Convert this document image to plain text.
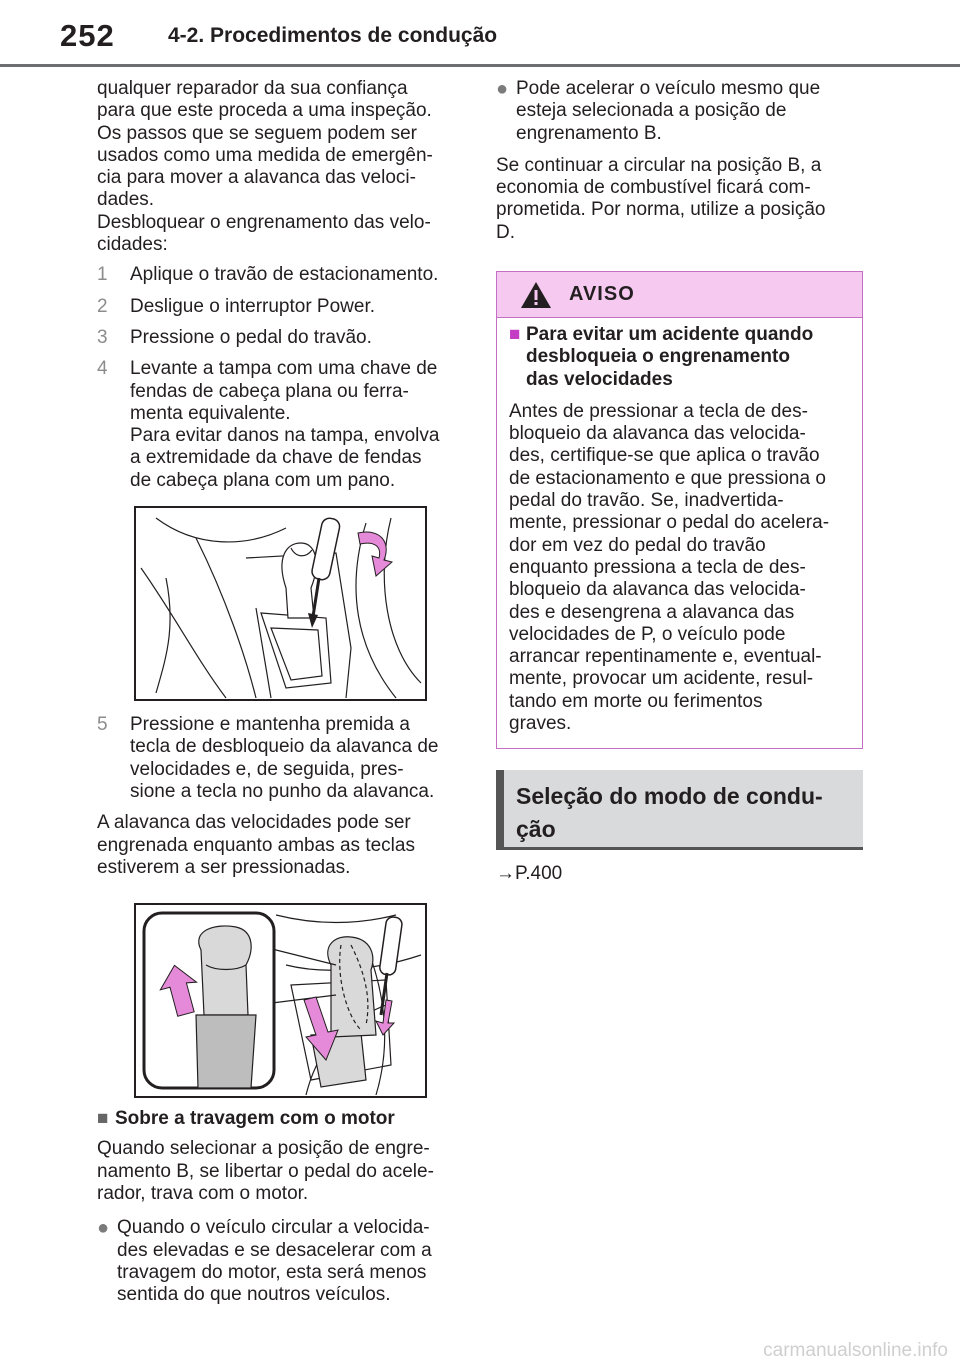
252	4-2. Procedimentos de condução

qualquer reparador da sua confiança

para que este proceda a uma inspeção.

Os passos que se seguem podem ser

usados como uma medida de emergên-

cia para mover a alavanca das veloci-

dades.

Desbloquear o engrenamento das velo-

cidades:

1	Aplique o travão de estacionamento.

2	Desligue o interruptor Power.

3	Pressione o pedal do travão.

4	Levante a tampa com uma chave de

fendas de cabeça plana ou ferra-

menta equivalente.

Para evitar danos na tampa, envolva

a extremidade da chave de fendas

de cabeça plana com um pano.

5	Pressione e mantenha premida a

tecla de desbloqueio da alavanca de

velocidades e, de seguida, pres-

sione a tecla no punho da alavanca.

A alavanca das velocidades pode ser

engrenada enquanto ambas as teclas

estiverem a ser pressionadas.

■ Sobre a travagem com o motor

Quando selecionar a posição de engre-

namento B, se libertar o pedal do acele-

rador, trava com o motor.

● Quando o veículo circular a velocida-

des elevadas e se desacelerar com a

travagem do motor, esta será menos

sentida do que noutros veículos.

● Pode acelerar o veículo mesmo que

esteja selecionada a posição de

engrenamento B.

Se continuar a circular na posição B, a

economia de combustível ficará com-

prometida. Por norma, utilize a posição

D.

AVISO
■ Para evitar um acidente quando

desbloqueia o engrenamento

das velocidades

Antes de pressionar a tecla de des-

bloqueio da alavanca das velocida-

des, certifique-se que aplica o travão

de estacionamento e que pressiona o

pedal do travão. Se, inadvertida-

mente, pressionar o pedal do acelera-

dor em vez do pedal do travão

enquanto pressiona a tecla de des-

bloqueio da alavanca das velocida-

des e desengrena a alavanca das

velocidades de P, o veículo pode

arrancar repentinamente e, eventual-

mente, provocar um acidente, resul-

tando em morte ou ferimentos

graves.

Seleção do modo de condu-
ção
→P.400
carmanualsonline.info
